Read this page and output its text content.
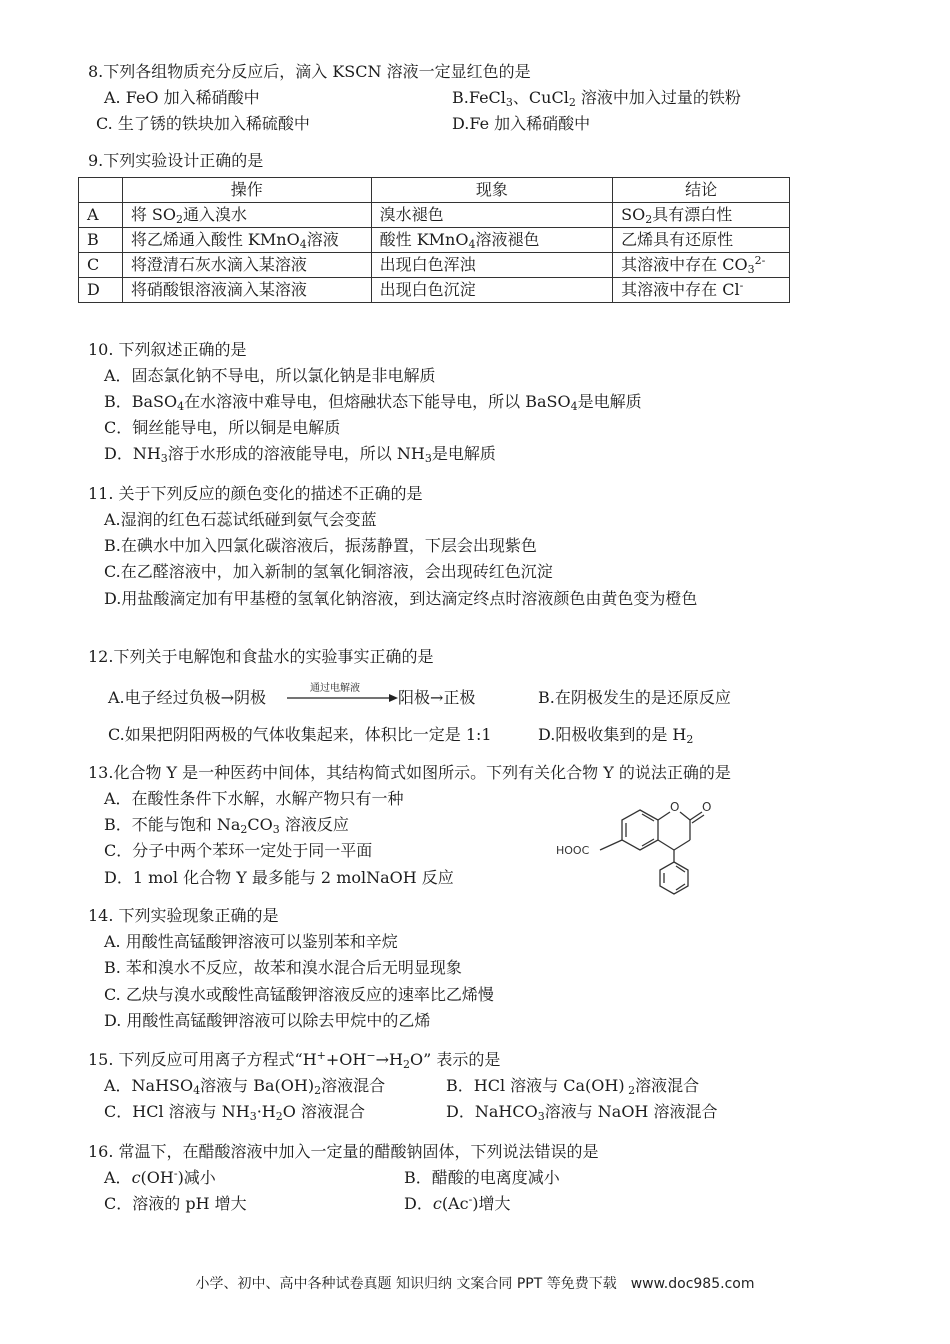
8.下列各组物质充分反应后，滴入 KSCN 溶液一定显红色的是
A. FeO 加入稀硝酸中	B.FeCl$_3$、CuCl$_2$ 溶液中加入过量的铁粉
C. 生了锈的铁块加入稀硫酸中	D.Fe 加入稀硝酸中
9.下列实验设计正确的是
	操作	现象	结论
A	将 $SO_2$通入溴水	溴水褪色	$SO_2$具有漂白性
B	将乙烯通入酸性 KMnO$_4$溶液	酸性 KMnO$_4$溶液褪色	乙烯具有还原性
C	将澄清石灰水滴入某溶液	出现白色浑浊	其溶液中存在 $CO_3^{2-}$
D	将硝酸银溶液滴入某溶液	出现白色沉淀	其溶液中存在 Cl-
10. 下列叙述正确的是
A．固态氯化钠不导电，所以氯化钠是非电解质
B．BaSO$_4$在水溶液中难导电，但熔融状态下能导电，所以 BaSO$_4$是电解质
C．铜丝能导电，所以铜是电解质
D．$NH_3$溶于水形成的溶液能导电，所以 $NH_3$是电解质
11. 关于下列反应的颜色变化的描述不正确的是
A.湿润的红色石蕊试纸碰到氨气会变蓝
B.在碘水中加入四氯化碳溶液后，振荡静置，下层会出现紫色
C.在乙醛溶液中，加入新制的氢氧化铜溶液，会出现砖红色沉淀
D.用盐酸滴定加有甲基橙的氢氧化钠溶液，到达滴定终点时溶液颜色由黄色变为橙色
12.下列关于电解饱和食盐水的实验事实正确的是
A.电子经过负极→阴极	通过电解液	阳极→正极	B.在阴极发生的是还原反应
C.如果把阴阳两极的气体收集起来，体积比一定是 1:1	D.阳极收集到的是 $H_2$
13.化合物 Y 是一种医药中间体，其结构简式如图所示。下列有关化合物 Y 的说法正确的是
A．在酸性条件下水解，水解产物只有一种
B．不能与饱和 $Na_2CO_3$ 溶液反应
C．分子中两个苯环一定处于同一平面
D．1 mol 化合物 Y 最多能与 2 molNaOH 反应
O O
HOOC
14. 下列实验现象正确的是
A. 用酸性高锰酸钾溶液可以鉴别苯和辛烷
B. 苯和溴水不反应，故苯和溴水混合后无明显现象
C. 乙炔与溴水或酸性高锰酸钾溶液反应的速率比乙烯慢
D. 用酸性高锰酸钾溶液可以除去甲烷中的乙烯
15. 下列反应可用离子方程式“$H^++OH^-\to H_2O$” 表示的是
A．NaHSO$_4$溶液与 $Ba(OH)_2$溶液混合	B．HCl 溶液与 Ca(OH) $_2$溶液混合
C．HCl 溶液与 $NH_3\cdot H_2O$ 溶液混合	D．NaHCO$_3$溶液与 NaOH 溶液混合
16. 常温下，在醋酸溶液中加入一定量的醋酸钠固体，下列说法错误的是
A．c(OH-)减小	B．醋酸的电离度减小
C．溶液的 pH 增大	D．c(Ac-)增大
小学、初中、高中各种试卷真题 知识归纳 文案合同 PPT 等免费下载　www.doc985.com
